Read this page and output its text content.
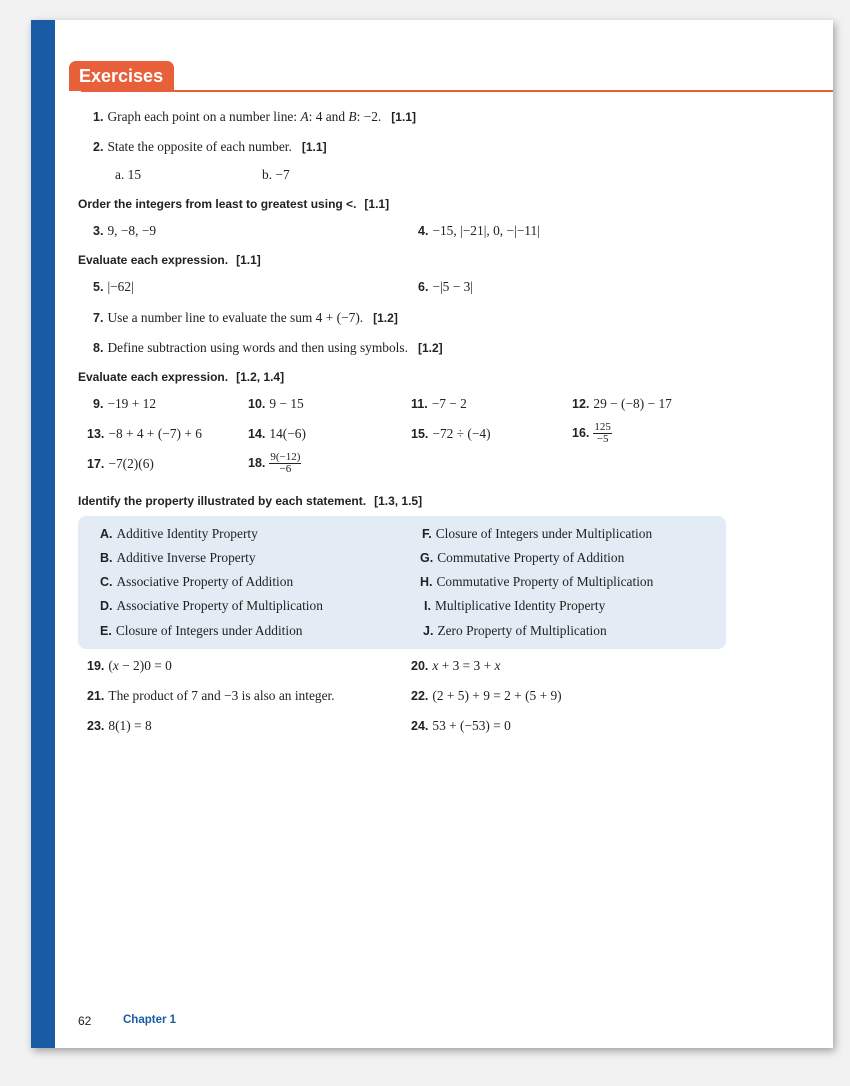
Exercises
1. Graph each point on a number line: A: 4 and B: −2. [1.1]
2. State the opposite of each number. [1.1]
a. 15	b. −7
Order the integers from least to greatest using <. [1.1]
3. 9, −8, −9	4. −15, |−21|, 0, −|−11|
Evaluate each expression. [1.1]
5. |−62|	6. −|5 − 3|
7. Use a number line to evaluate the sum 4 + (−7). [1.2]
8. Define subtraction using words and then using symbols. [1.2]
Evaluate each expression. [1.2, 1.4]
9. −19 + 12	10. 9 − 15	11. −7 − 2	12. 29 − (−8) − 17
13. −8 + 4 + (−7) + 6	14. 14(−6)	15. −72 ÷ (−4)	16. $\frac{125}{-5}$
17. −7(2)(6)	18. $\frac{9(-12)}{-6}$
Identify the property illustrated by each statement. [1.3, 1.5]
A. Additive Identity Property
B. Additive Inverse Property
C. Associative Property of Addition
D. Associative Property of Multiplication
E. Closure of Integers under Addition
F. Closure of Integers under Multiplication
G. Commutative Property of Addition
H. Commutative Property of Multiplication
I. Multiplicative Identity Property
J. Zero Property of Multiplication
19. (x − 2)0 = 0	20. x + 3 = 3 + x
21. The product of 7 and −3 is also an integer.	22. (2 + 5) + 9 = 2 + (5 + 9)
23. 8(1) = 8	24. 53 + (−53) = 0
62	Chapter 1
